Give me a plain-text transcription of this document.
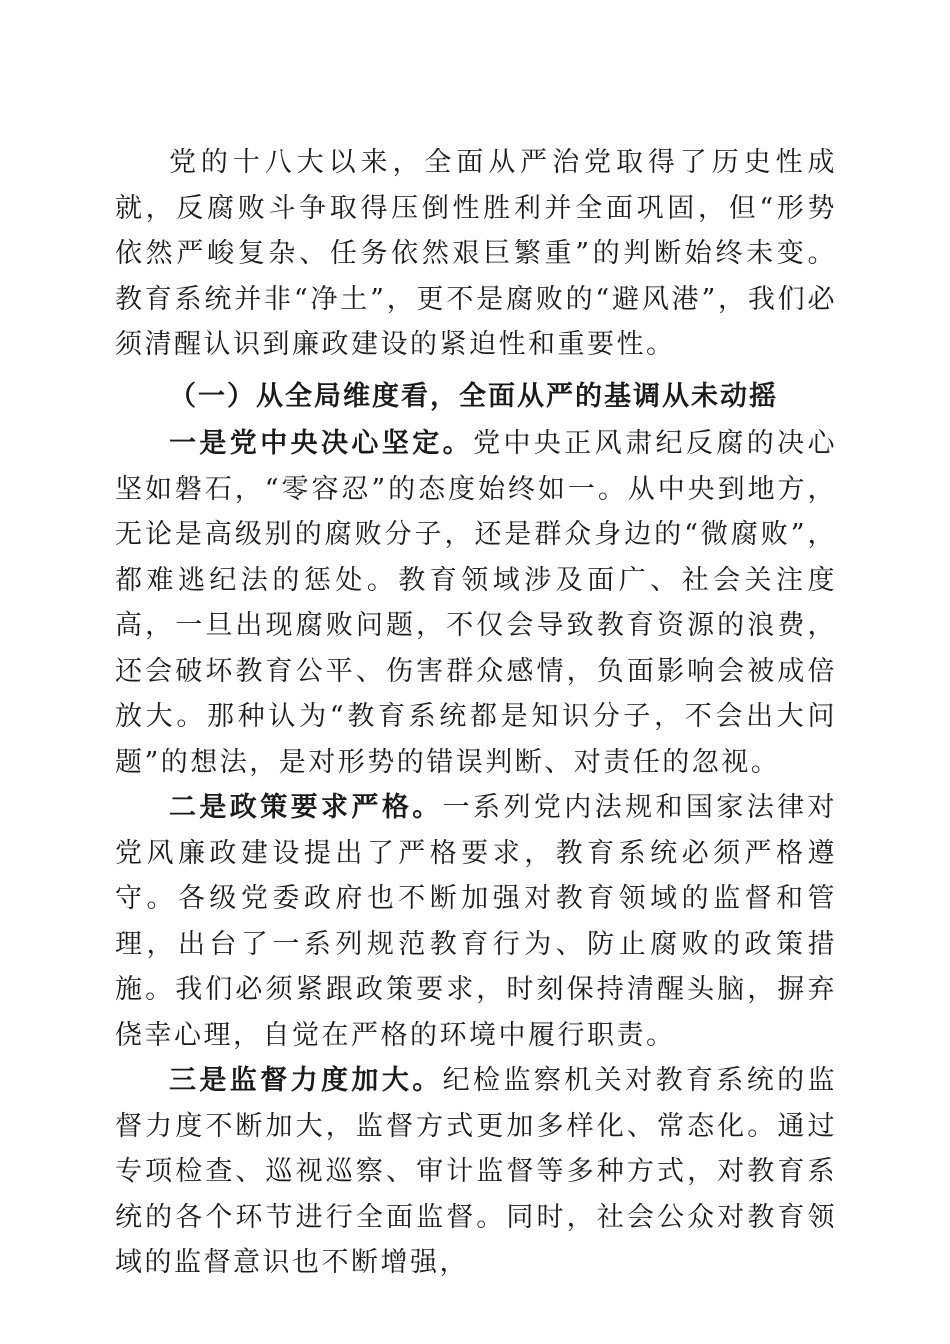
党的十八大以来，全面从严治党取得了历史性成就，反腐败斗争取得压倒性胜利并全面巩固，但“形势依然严峻复杂、任务依然艰巨繁重”的判断始终未变。教育系统并非“净土”，更不是腐败的“避风港”，我们必须清醒认识到廉政建设的紧迫性和重要性。

（一）从全局维度看，全面从严的基调从未动摇

一是党中央决心坚定。党中央正风肃纪反腐的决心坚如磐石，“零容忍”的态度始终如一。从中央到地方，无论是高级别的腐败分子，还是群众身边的“微腐败”，都难逃纪法的惩处。教育领域涉及面广、社会关注度高，一旦出现腐败问题，不仅会导致教育资源的浪费，还会破坏教育公平、伤害群众感情，负面影响会被成倍放大。那种认为“教育系统都是知识分子，不会出大问题”的想法，是对形势的错误判断、对责任的忽视。

二是政策要求严格。一系列党内法规和国家法律对党风廉政建设提出了严格要求，教育系统必须严格遵守。各级党委政府也不断加强对教育领域的监督和管理，出台了一系列规范教育行为、防止腐败的政策措施。我们必须紧跟政策要求，时刻保持清醒头脑，摒弃侥幸心理，自觉在严格的环境中履行职责。

三是监督力度加大。纪检监察机关对教育系统的监督力度不断加大，监督方式更加多样化、常态化。通过专项检查、巡视巡察、审计监督等多种方式，对教育系统的各个环节进行全面监督。同时，社会公众对教育领域的监督意识也不断增强，
